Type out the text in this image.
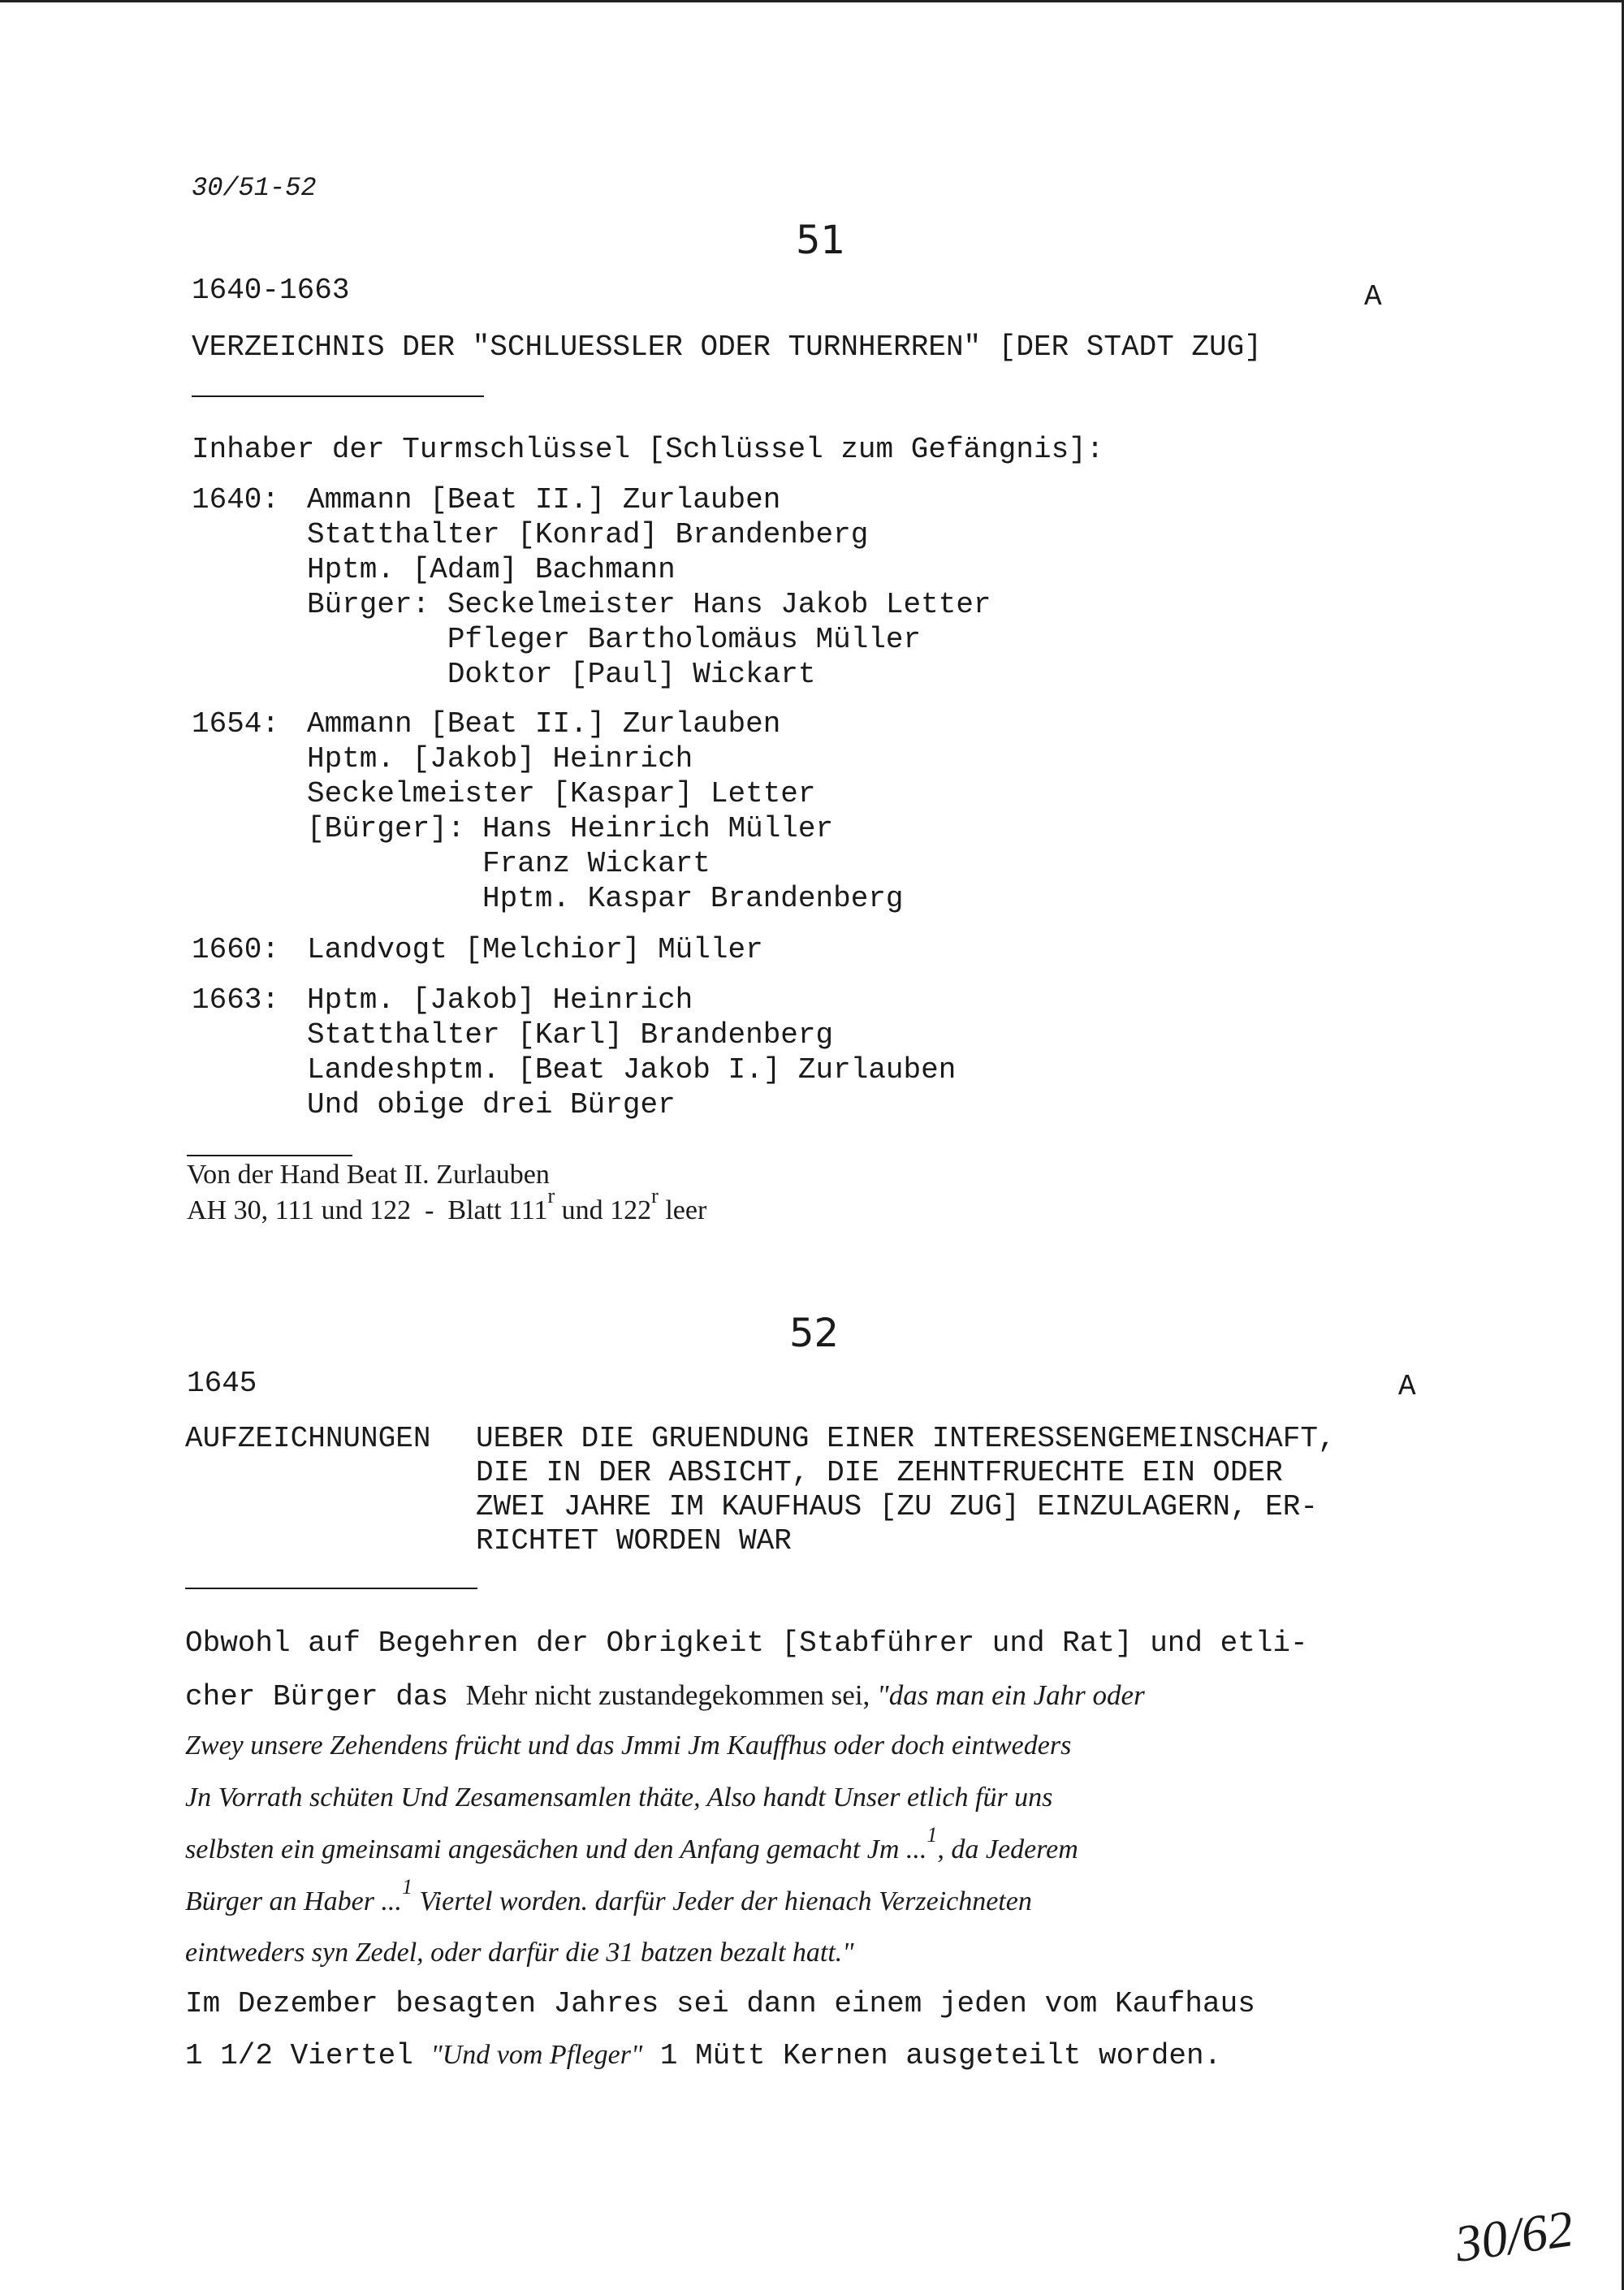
30/51-52
51
1640-1663	A
VERZEICHNIS DER "SCHLUESSLER ODER TURNHERREN" [DER STADT ZUG]
Inhaber der Turmschlüssel [Schlüssel zum Gefängnis]:
1640: Ammann [Beat II.] Zurlauben
Statthalter [Konrad] Brandenberg
Hptm. [Adam] Bachmann
Bürger: Seckelmeister Hans Jakob Letter
Pfleger Bartholomäus Müller
Doktor [Paul] Wickart
1654: Ammann [Beat II.] Zurlauben
Hptm. [Jakob] Heinrich
Seckelmeister [Kaspar] Letter
[Bürger]: Hans Heinrich Müller
Franz Wickart
Hptm. Kaspar Brandenberg
1660: Landvogt [Melchior] Müller
1663: Hptm. [Jakob] Heinrich
Statthalter [Karl] Brandenberg
Landeshptm. [Beat Jakob I.] Zurlauben
Und obige drei Bürger
Von der Hand Beat II. Zurlauben
AH 30, 111 und 122  -  Blatt 111$^r$ und 122$^r$ leer
52
1645	A
AUFZEICHNUNGEN UEBER DIE GRUENDUNG EINER INTERESSENGEMEINSCHAFT,
DIE IN DER ABSICHT, DIE ZEHNTFRUECHTE EIN ODER
ZWEI JAHRE IM KAUFHAUS [ZU ZUG] EINZULAGERN, ER-
RICHTET WORDEN WAR
Obwohl auf Begehren der Obrigkeit [Stabführer und Rat] und etli-
cher Bürger das Mehr nicht zustandegekommen sei, "das man ein Jahr oder
Zwey unsere Zehendens frücht und das Jmmi Jm Kauffhus oder doch eintweders
Jn Vorrath schüten Und Zesamensamlen thäte, Also handt Unser etlich für uns
selbsten ein gmeinsami angesächen und den Anfang gemacht Jm ...$^1$, da Jederem
Bürger an Haber ...$^1$ Viertel worden. darfür Jeder der hienach Verzeichneten
eintweders syn Zedel, oder darfür die 31 batzen bezalt hatt."
Im Dezember besagten Jahres sei dann einem jeden vom Kaufhaus
1 1/2 Viertel "Und vom Pfleger" 1 Mütt Kernen ausgeteilt worden.
30/62
